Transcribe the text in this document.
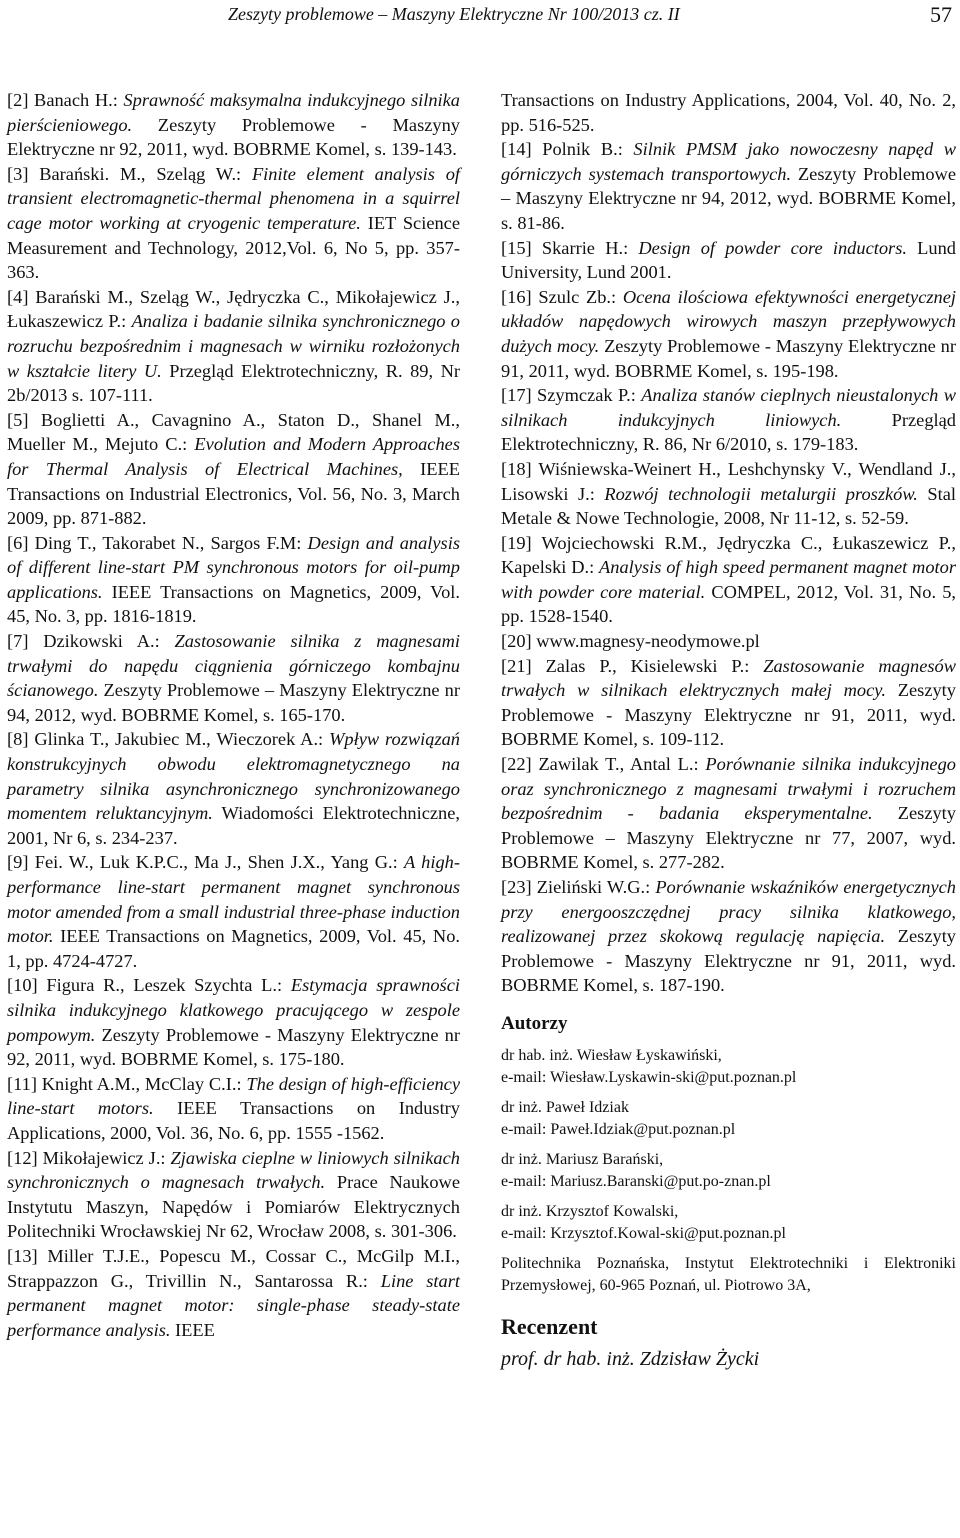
Zeszyty problemowe – Maszyny Elektryczne Nr 100/2013 cz. II	57

[2] Banach H.: Sprawność maksymalna indukcyjnego silnika pierścieniowego. Zeszyty Problemowe - Maszyny Elektryczne nr 92, 2011, wyd. BOBRME Komel, s. 139-143.

[3] Barański. M., Szeląg W.: Finite element analysis of transient electromagnetic-thermal phenomena in a squirrel cage motor working at cryogenic temperature. IET Science Measurement and Technology, 2012,Vol. 6, No 5, pp. 357-363.

[4] Barański M., Szeląg W., Jędryczka C., Mikołajewicz J., Łukaszewicz P.: Analiza i badanie silnika synchronicznego o rozruchu bezpośrednim i magnesach w wirniku rozłożonych w kształcie litery U. Przegląd Elektrotechniczny, R. 89, Nr 2b/2013 s. 107-111.

[5] Boglietti A., Cavagnino A., Staton D., Shanel M., Mueller M., Mejuto C.: Evolution and Modern Approaches for Thermal Analysis of Electrical Machines, IEEE Transactions on Industrial Electronics, Vol. 56, No. 3, March 2009, pp. 871-882.

[6] Ding T., Takorabet N., Sargos F.M: Design and analysis of different line-start PM synchronous motors for oil-pump applications. IEEE Transactions on Magnetics, 2009, Vol. 45, No. 3, pp. 1816-1819.

[7] Dzikowski A.: Zastosowanie silnika z magnesami trwałymi do napędu ciągnienia górniczego kombajnu ścianowego. Zeszyty Problemowe – Maszyny Elektryczne nr 94, 2012, wyd. BOBRME Komel, s. 165-170.

[8] Glinka T., Jakubiec M., Wieczorek A.: Wpływ rozwiązań konstrukcyjnych obwodu elektromagnetycznego na parametry silnika asynchronicznego synchronizowanego momentem reluktancyjnym. Wiadomości Elektrotechniczne, 2001, Nr 6, s. 234-237.

[9] Fei. W., Luk K.P.C., Ma J., Shen J.X., Yang G.: A high-performance line-start permanent magnet synchronous motor amended from a small industrial three-phase induction motor. IEEE Transactions on Magnetics, 2009, Vol. 45, No. 1, pp. 4724-4727.

[10] Figura R., Leszek Szychta L.: Estymacja sprawności silnika indukcyjnego klatkowego pracującego w zespole pompowym. Zeszyty Problemowe - Maszyny Elektryczne nr 92, 2011, wyd. BOBRME Komel, s. 175-180.

[11] Knight A.M., McClay C.I.: The design of high-efficiency line-start motors. IEEE Transactions on Industry Applications, 2000, Vol. 36, No. 6, pp. 1555 -1562.

[12] Mikołajewicz J.: Zjawiska cieplne w liniowych silnikach synchronicznych o magnesach trwałych. Prace Naukowe Instytutu Maszyn, Napędów i Pomiarów Elektrycznych Politechniki Wrocławskiej Nr 62, Wrocław 2008, s. 301-306.

[13] Miller T.J.E., Popescu M., Cossar C., McGilp M.I., Strappazzon G., Trivillin N., Santarossa R.: Line start permanent magnet motor: single-phase steady-state performance analysis. IEEE

Transactions on Industry Applications, 2004, Vol. 40, No. 2, pp. 516-525.

[14] Polnik B.: Silnik PMSM jako nowoczesny napęd w górniczych systemach transportowych. Zeszyty Problemowe – Maszyny Elektryczne nr 94, 2012, wyd. BOBRME Komel, s. 81-86.

[15] Skarrie H.: Design of powder core inductors. Lund University, Lund 2001.

[16] Szulc Zb.: Ocena ilościowa efektywności energetycznej układów napędowych wirowych maszyn przepływowych dużych mocy. Zeszyty Problemowe - Maszyny Elektryczne nr 91, 2011, wyd. BOBRME Komel, s. 195-198.

[17] Szymczak P.: Analiza stanów cieplnych nieustalonych w silnikach indukcyjnych liniowych. Przegląd Elektrotechniczny, R. 86, Nr 6/2010, s. 179-183.

[18] Wiśniewska-Weinert H., Leshchynsky V., Wendland J., Lisowski J.: Rozwój technologii metalurgii proszków. Stal Metale & Nowe Technologie, 2008, Nr 11-12, s. 52-59.

[19] Wojciechowski R.M., Jędryczka C., Łukaszewicz P., Kapelski D.: Analysis of high speed permanent magnet motor with powder core material. COMPEL, 2012, Vol. 31, No. 5, pp. 1528-1540.

[20] www.magnesy-neodymowe.pl

[21] Zalas P., Kisielewski P.: Zastosowanie magnesów trwałych w silnikach elektrycznych małej mocy. Zeszyty Problemowe - Maszyny Elektryczne nr 91, 2011, wyd. BOBRME Komel, s. 109-112.

[22] Zawilak T., Antal L.: Porównanie silnika indukcyjnego oraz synchronicznego z magnesami trwałymi i rozruchem bezpośrednim - badania eksperymentalne. Zeszyty Problemowe – Maszyny Elektryczne nr 77, 2007, wyd. BOBRME Komel, s. 277-282.

[23] Zieliński W.G.: Porównanie wskaźników energetycznych przy energooszczędnej pracy silnika klatkowego, realizowanej przez skokową regulację napięcia. Zeszyty Problemowe - Maszyny Elektryczne nr 91, 2011, wyd. BOBRME Komel, s. 187-190.

Autorzy
dr hab. inż. Wiesław Łyskawiński,
e-mail: Wiesław.Lyskawin-ski@put.poznan.pl
dr inż. Paweł Idziak
e-mail: Paweł.Idziak@put.poznan.pl
dr inż. Mariusz Barański,
e-mail: Mariusz.Baranski@put.po-znan.pl
dr inż. Krzysztof Kowalski,
e-mail: Krzysztof.Kowal-ski@put.poznan.pl

Politechnika Poznańska, Instytut Elektrotechniki i Elektroniki Przemysłowej, 60-965 Poznań, ul. Piotrowo 3A,

Recenzent

prof. dr hab. inż. Zdzisław Życki
